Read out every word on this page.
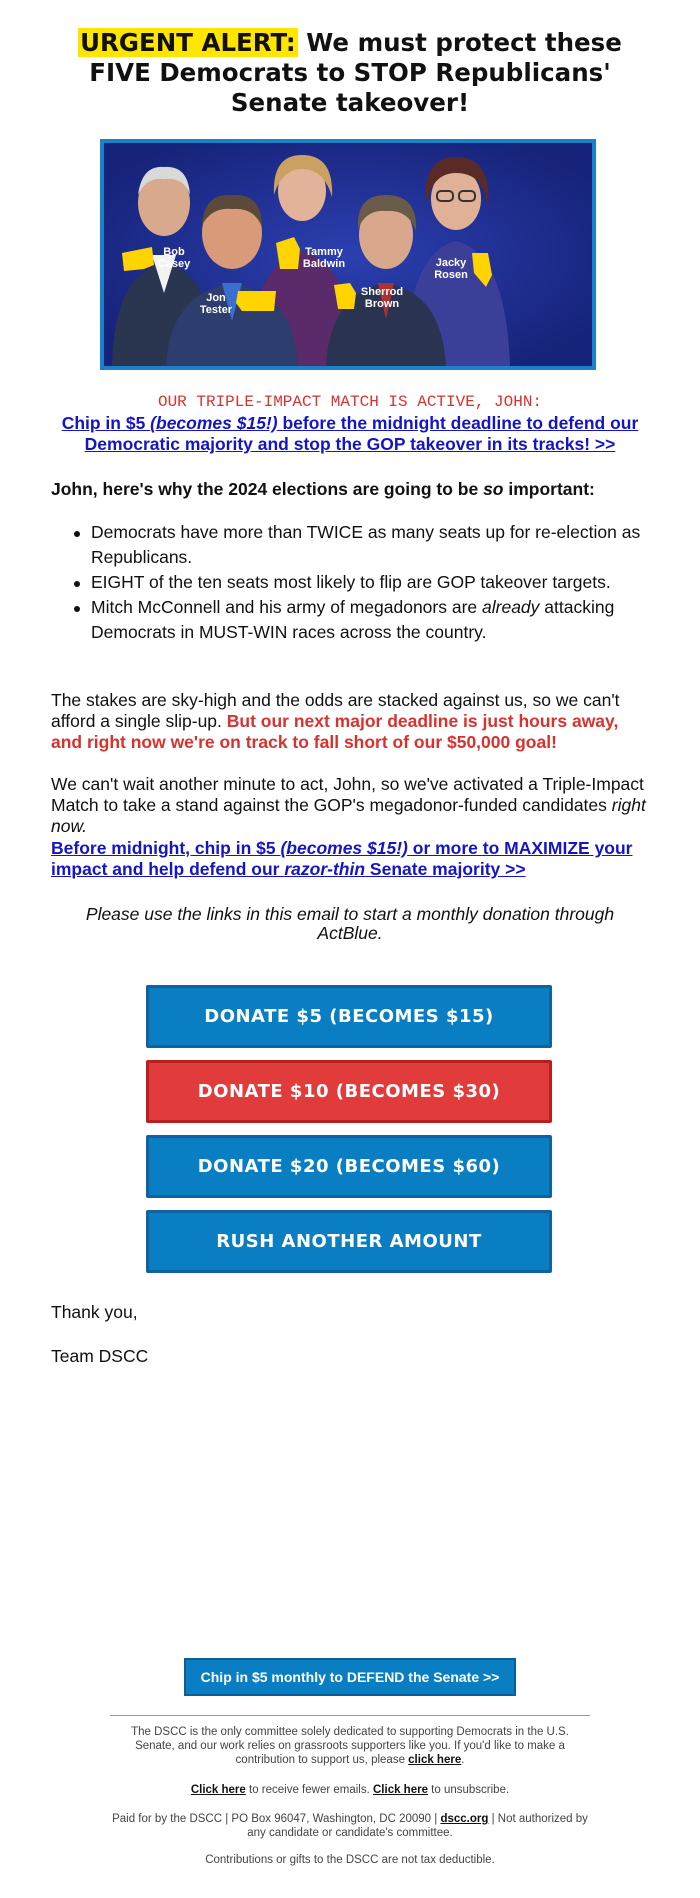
URGENT ALERT: We must protect these FIVE Democrats to STOP Republicans' Senate takeover!
Bob
Casey
Jon
Tester
Tammy
Baldwin
Sherrod
Brown
Jacky
Rosen
OUR TRIPLE-IMPACT MATCH IS ACTIVE, JOHN:
Chip in $5 (becomes $15!) before the midnight deadline to defend our Democratic majority and stop the GOP takeover in its tracks! >>
John, here's why the 2024 elections are going to be so important:
Democrats have more than TWICE as many seats up for re-election as Republicans.
EIGHT of the ten seats most likely to flip are GOP takeover targets.
Mitch McConnell and his army of megadonors are already attacking Democrats in MUST-WIN races across the country.
The stakes are sky-high and the odds are stacked against us, so we can't afford a single slip-up. But our next major deadline is just hours away, and right now we're on track to fall short of our $50,000 goal!
We can't wait another minute to act, John, so we've activated a Triple-Impact Match to take a stand against the GOP's megadonor-funded candidates right now.
Before midnight, chip in $5 (becomes $15!) or more to MAXIMIZE your impact and help defend our razor-thin Senate majority >>
Please use the links in this email to start a monthly donation through ActBlue.
DONATE $5 (BECOMES $15)
DONATE $10 (BECOMES $30)
DONATE $20 (BECOMES $60)
RUSH ANOTHER AMOUNT
Thank you,
Team DSCC
Chip in $5 monthly to DEFEND the Senate >>
The DSCC is the only committee solely dedicated to supporting Democrats in the U.S. Senate, and our work relies on grassroots supporters like you. If you'd like to make a contribution to support us, please click here.
Click here to receive fewer emails. Click here to unsubscribe.
Paid for by the DSCC | PO Box 96047, Washington, DC 20090 | dscc.org | Not authorized by any candidate or candidate's committee.
Contributions or gifts to the DSCC are not tax deductible.
